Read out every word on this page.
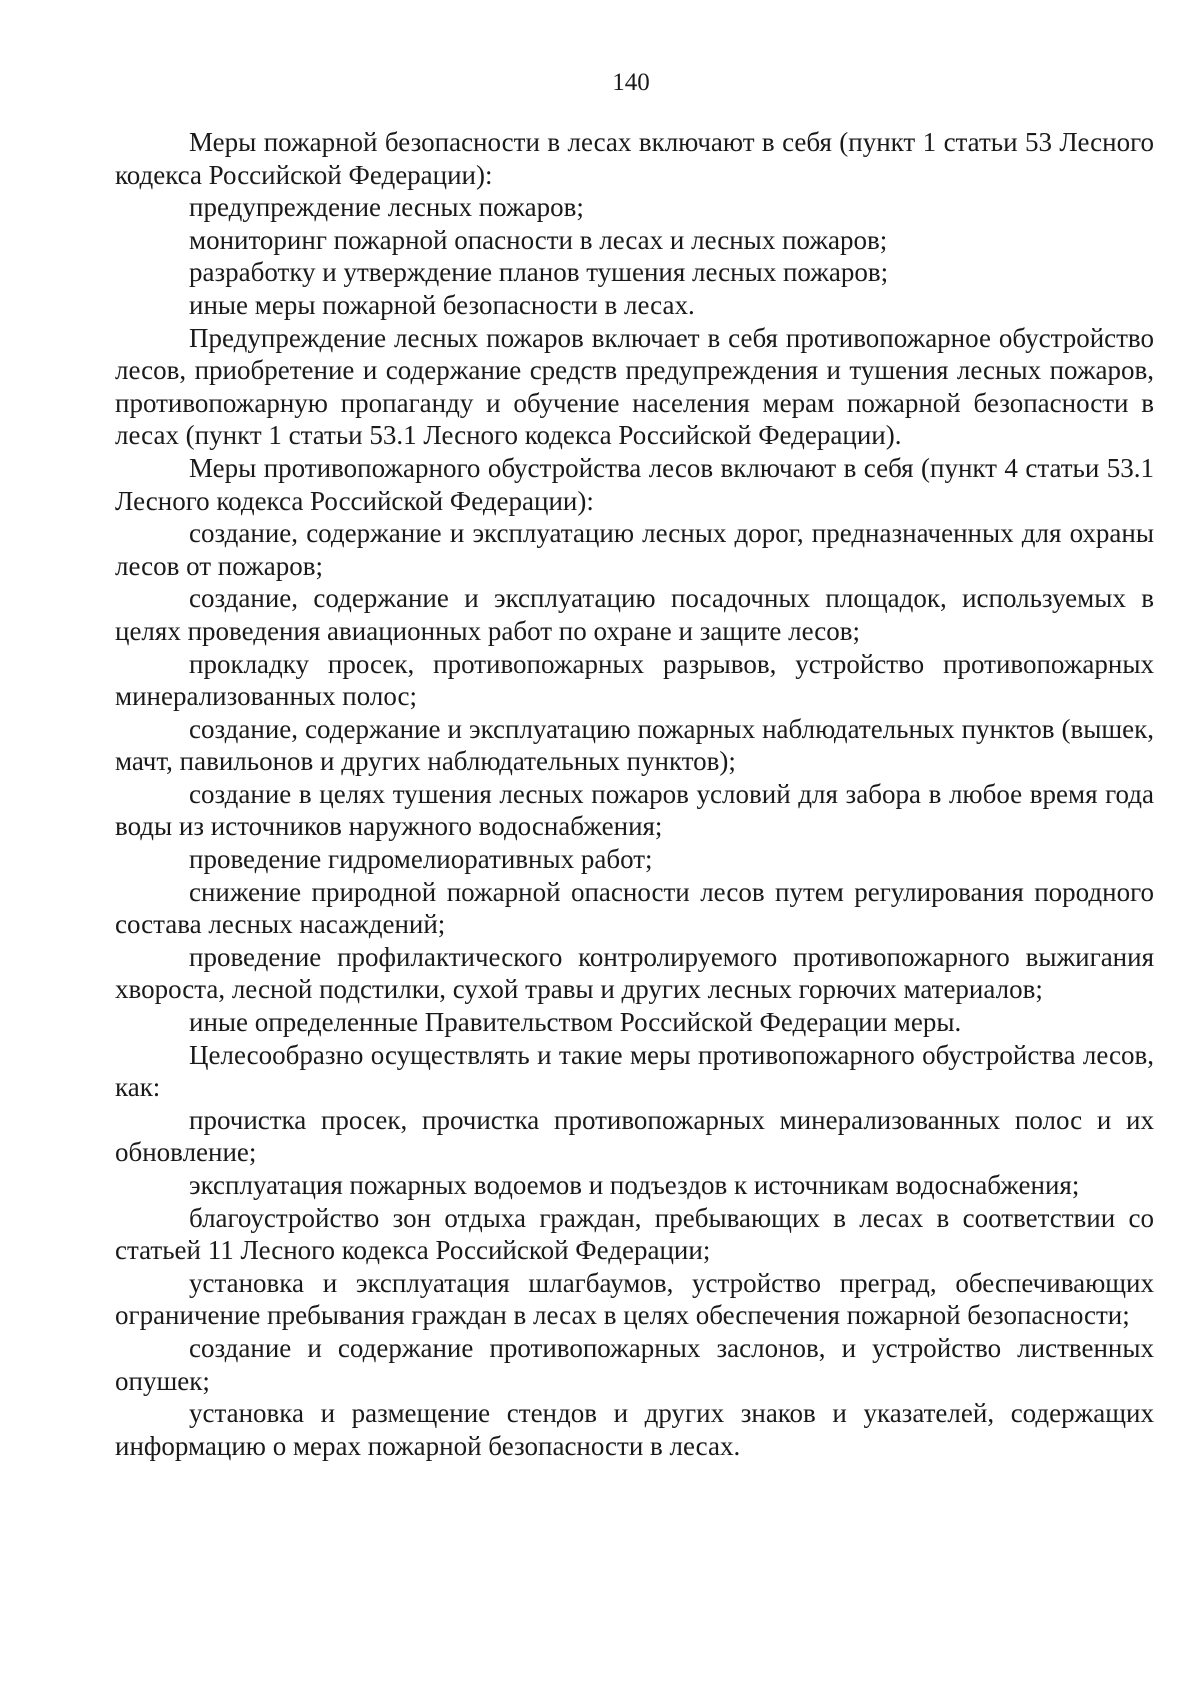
140

Меры пожарной безопасности в лесах включают в себя (пункт 1 статьи 53 Лесного кодекса Российской Федерации):

предупреждение лесных пожаров;

мониторинг пожарной опасности в лесах и лесных пожаров;

разработку и утверждение планов тушения лесных пожаров;

иные меры пожарной безопасности в лесах.

Предупреждение лесных пожаров включает в себя противопожарное обустройство лесов, приобретение и содержание средств предупреждения и тушения лесных пожаров, противопожарную пропаганду и обучение населения мерам пожарной безопасности в лесах (пункт 1 статьи 53.1 Лесного кодекса Российской Федерации).

Меры противопожарного обустройства лесов включают в себя (пункт 4 статьи 53.1 Лесного кодекса Российской Федерации):

создание, содержание и эксплуатацию лесных дорог, предназначенных для охраны лесов от пожаров;

создание, содержание и эксплуатацию посадочных площадок, используемых в целях проведения авиационных работ по охране и защите лесов;

прокладку просек, противопожарных разрывов, устройство противопожарных минерализованных полос;

создание, содержание и эксплуатацию пожарных наблюдательных пунктов (вышек, мачт, павильонов и других наблюдательных пунктов);

создание в целях тушения лесных пожаров условий для забора в любое время года воды из источников наружного водоснабжения;

проведение гидромелиоративных работ;

снижение природной пожарной опасности лесов путем регулирования породного состава лесных насаждений;

проведение профилактического контролируемого противопожарного выжигания хвороста, лесной подстилки, сухой травы и других лесных горючих материалов;

иные определенные Правительством Российской Федерации меры.

Целесообразно осуществлять и такие меры противопожарного обустройства лесов, как:

прочистка просек, прочистка противопожарных минерализованных полос и их обновление;

эксплуатация пожарных водоемов и подъездов к источникам водоснабжения;

благоустройство зон отдыха граждан, пребывающих в лесах в соответствии со статьей 11 Лесного кодекса Российской Федерации;

установка и эксплуатация шлагбаумов, устройство преград, обеспечивающих ограничение пребывания граждан в лесах в целях обеспечения пожарной безопасности;

создание и содержание противопожарных заслонов, и устройство лиственных опушек;

установка и размещение стендов и других знаков и указателей, содержащих информацию о мерах пожарной безопасности в лесах.
